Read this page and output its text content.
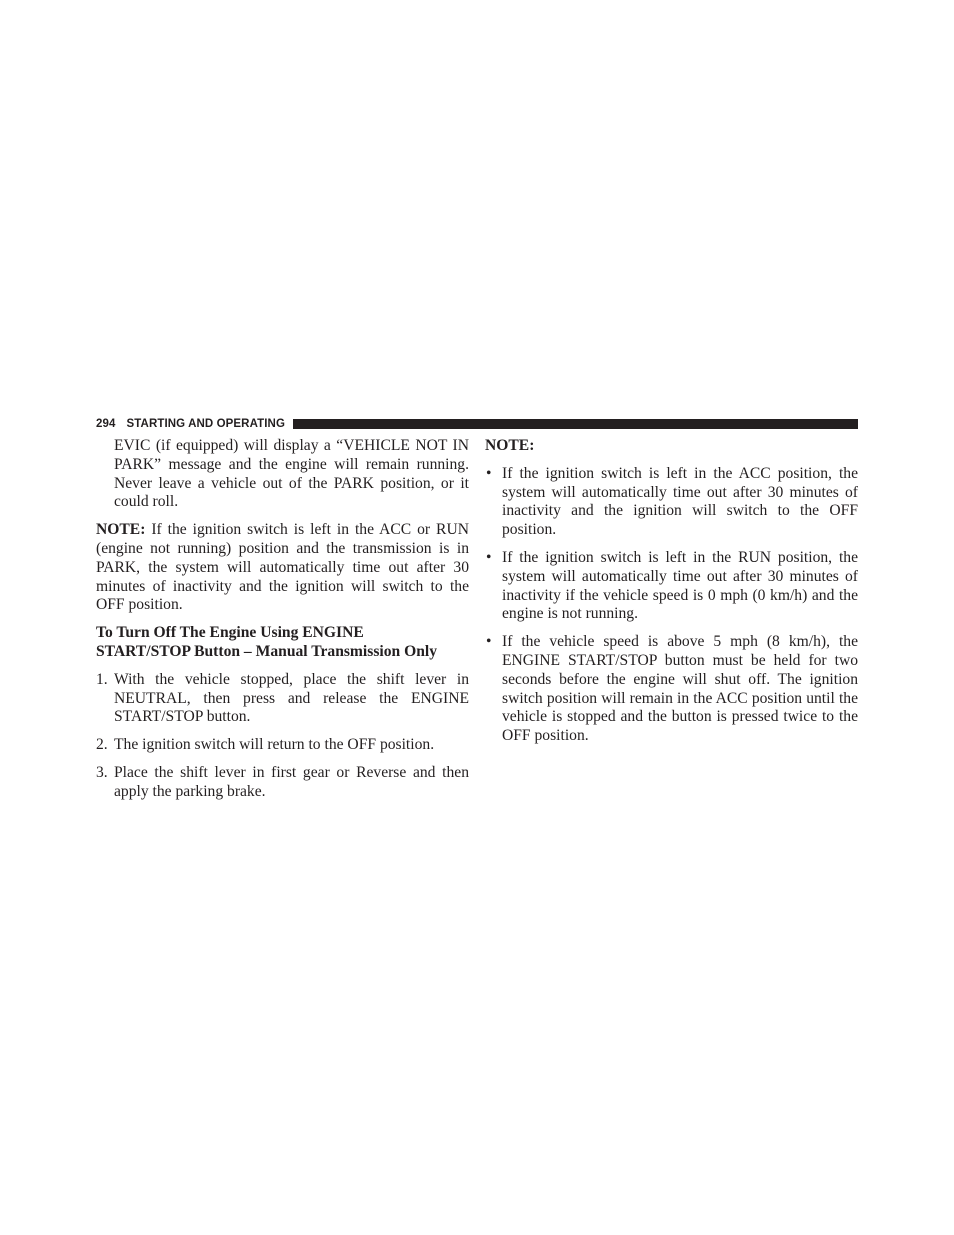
294 STARTING AND OPERATING

EVIC (if equipped) will display a “VEHICLE NOT IN PARK” message and the engine will remain running. Never leave a vehicle out of the PARK position, or it could roll.

NOTE: If the ignition switch is left in the ACC or RUN (engine not running) position and the transmission is in PARK, the system will automatically time out after 30 minutes of inactivity and the ignition will switch to the OFF position.

To Turn Off The Engine Using ENGINE
START/STOP Button – Manual Transmission Only
1. With the vehicle stopped, place the shift lever in NEUTRAL, then press and release the ENGINE START/STOP button.
2. The ignition switch will return to the OFF position.
3. Place the shift lever in first gear or Reverse and then apply the parking brake.

NOTE:

• If the ignition switch is left in the ACC position, the system will automatically time out after 30 minutes of inactivity and the ignition will switch to the OFF position.
• If the ignition switch is left in the RUN position, the system will automatically time out after 30 minutes of inactivity if the vehicle speed is 0 mph (0 km/h) and the engine is not running.
• If the vehicle speed is above 5 mph (8 km/h), the ENGINE START/STOP button must be held for two seconds before the engine will shut off. The ignition switch position will remain in the ACC position until the vehicle is stopped and the button is pressed twice to the OFF position.
